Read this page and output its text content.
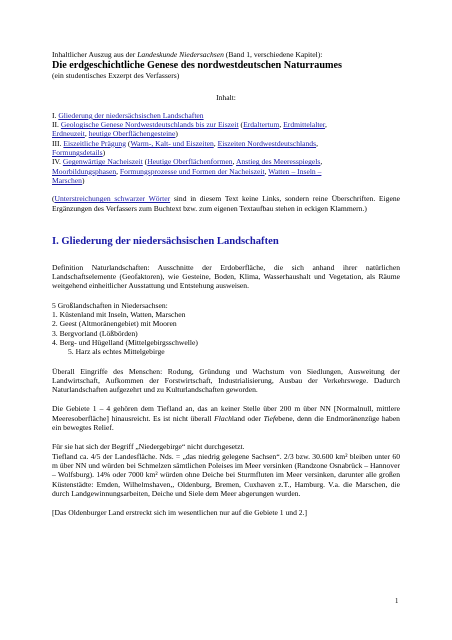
Inhaltlicher Auszug aus der Landeskunde Niedersachsen (Band 1, verschiedene Kapitel):

Die erdgeschichtliche Genese des nordwestdeutschen Naturraumes

(ein studentisches Exzerpt des Verfassers)

Inhalt:

I. Gliederung der niedersächsischen Landschaften

II. Geologische Genese Nordwestdeutschlands bis zur Eiszeit (Erdaltertum, Erdmittelalter,

Erdneuzeit, heutige Oberflächengesteine)

III. Eiszeitliche Prägung (Warm-, Kalt- und Eiszeiten, Eiszeiten Nordwestdeutschlands,

Formungsdetails)

IV. Gegenwärtige Nacheiszeit (Heutige Oberflächenformen, Anstieg des Meeresspiegels,

Moorbildungsphasen, Formungsprozesse und Formen der Nacheiszeit, Watten – Inseln –

Marschen)

(Unterstreichungen schwarzer Wörter sind in diesem Text keine Links, sondern reine Überschriften. Eigene Ergänzungen des Verfassers zum Buchtext bzw. zum eigenen Textaufbau stehen in eckigen Klammern.)

I. Gliederung der niedersächsischen Landschaften

Definition Naturlandschaften: Ausschnitte der Erdoberfläche, die sich anhand ihrer natürlichen Landschaftselemente (Geofaktoren), wie Gesteine, Boden, Klima, Wasserhaushalt und Vegetation, als Räume weitgehend einheitlicher Ausstattung und Entstehung ausweisen.

5 Großlandschaften in Niedersachsen:

1. Küstenland mit Inseln, Watten, Marschen
2. Geest (Altmoränengebiet) mit Mooren
3. Bergvorland (Lößbörden)
4. Berg- und Hügelland (Mittelgebirgsschwelle)
5. Harz als echtes Mittelgebirge

Überall Eingriffe des Menschen: Rodung, Gründung und Wachstum von Siedlungen, Ausweitung der Landwirtschaft, Aufkommen der Forstwirtschaft, Industrialisierung, Ausbau der Verkehrswege. Dadurch Naturlandschaften aufgezehrt und zu Kulturlandschaften geworden.

Die Gebiete 1 – 4 gehören dem Tiefland an, das an keiner Stelle über 200 m über NN [Normalnull, mittlere Meeresoberfläche] hinausreicht. Es ist nicht überall Flachland oder Tiefebene, denn die Endmoränenzüge haben ein bewegtes Relief.

Für sie hat sich der Begriff „Niedergebirge“ nicht durchgesetzt.

Tiefland ca. 4/5 der Landesfläche. Nds. = „das niedrig gelegene Sachsen“. 2/3 bzw. 30.600 km² bleiben unter 60 m über NN und würden bei Schmelzen sämtlichen Poleises im Meer versinken (Randzone Osnabrück – Hannover – Wolfsburg). 14% oder 7000 km² würden ohne Deiche bei Sturmfluten im Meer versinken, darunter alle großen Küstenstädte: Emden, Wilhelmshaven,, Oldenburg, Bremen, Cuxhaven z.T., Hamburg. V.a. die Marschen, die durch Landgewinnungsarbeiten, Deiche und Siele dem Meer abgerungen wurden.

[Das Oldenburger Land erstreckt sich im wesentlichen nur auf die Gebiete 1 und 2.]

1
